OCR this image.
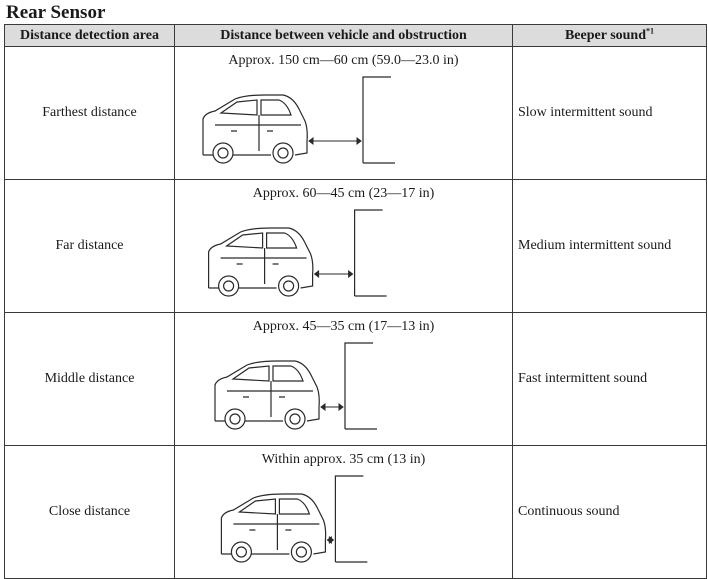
Rear Sensor
Distance detection area	Distance between vehicle and obstruction	Beeper sound$^{*1}$
Farthest distance	Approx. 150 cm—60 cm (59.0—23.0 in)	Slow intermittent sound
Far distance	Approx. 60—45 cm (23—17 in)	Medium intermittent sound
Middle distance	Approx. 45—35 cm (17—13 in)	Fast intermittent sound
Close distance	Within approx. 35 cm (13 in)	Continuous sound
